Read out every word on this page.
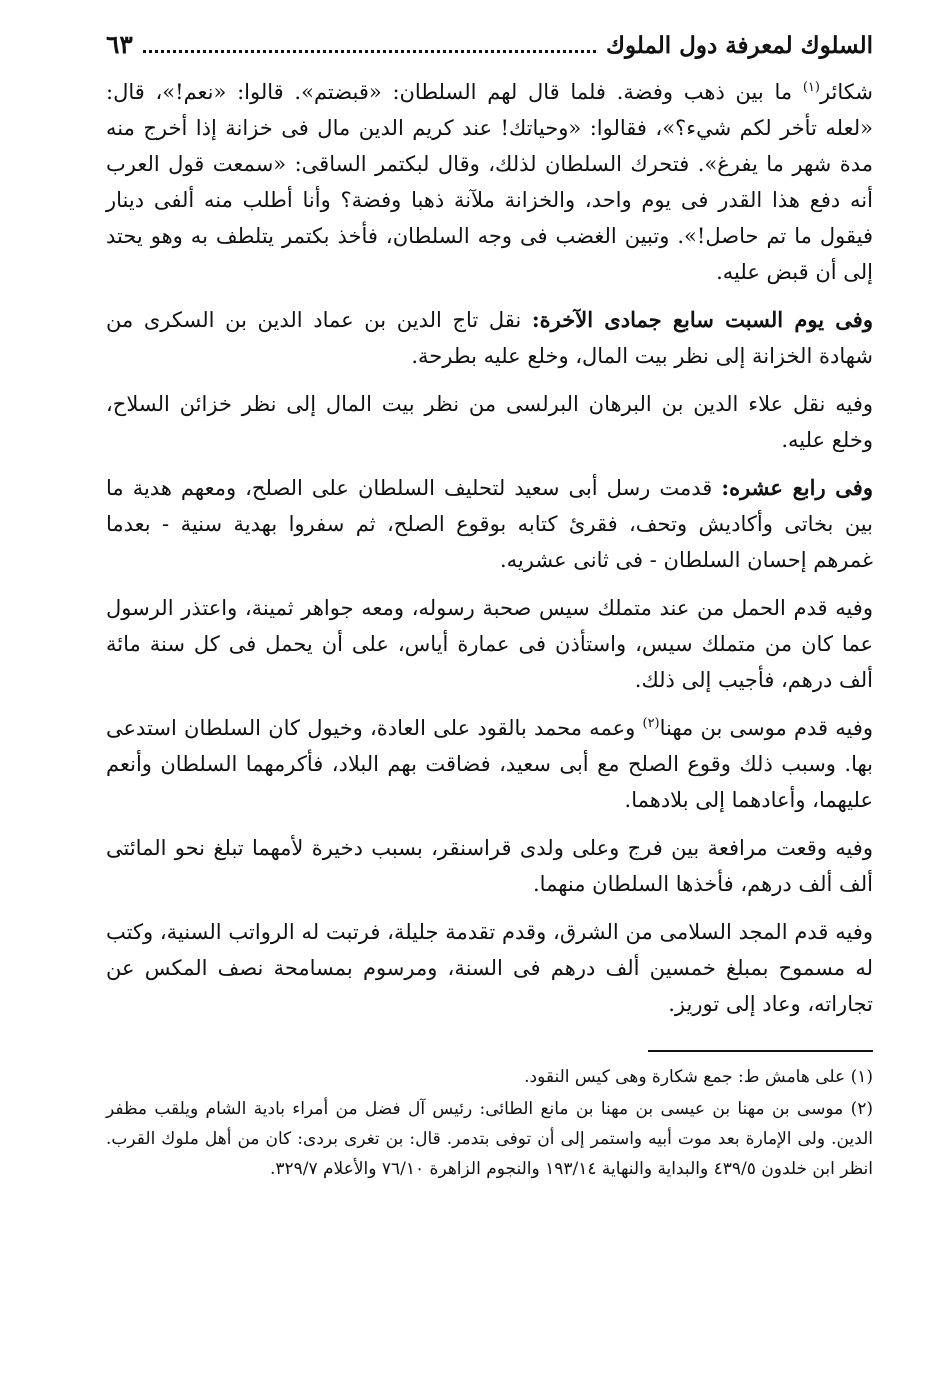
السلوك لمعرفة دول الملوك
٦٣

شكائر$^{(١)}$ ما بين ذهب وفضة. فلما قال لهم السلطان: «قبضتم». قالوا: «نعم!»، قال: «لعله تأخر لكم شيء؟»، فقالوا: «وحياتك! عند كريم الدين مال فى خزانة إذا أخرج منه مدة شهر ما يفرغ». فتحرك السلطان لذلك، وقال لبكتمر الساقى: «سمعت قول العرب أنه دفع هذا القدر فى يوم واحد، والخزانة ملآنة ذهبا وفضة؟ وأنا أطلب منه ألفى دينار فيقول ما تم حاصل!». وتبين الغضب فى وجه السلطان، فأخذ بكتمر يتلطف به وهو يحتد إلى أن قبض عليه.

وفى يوم السبت سابع جمادى الآخرة: نقل تاج الدين بن عماد الدين بن السكرى من شهادة الخزانة إلى نظر بيت المال، وخلع عليه بطرحة.

وفيه نقل علاء الدين بن البرهان البرلسى من نظر بيت المال إلى نظر خزائن السلاح، وخلع عليه.

وفى رابع عشره: قدمت رسل أبى سعيد لتحليف السلطان على الصلح، ومعهم هدية ما بين بخاتى وأكاديش وتحف، فقرئ كتابه بوقوع الصلح، ثم سفروا بهدية سنية - بعدما غمرهم إحسان السلطان - فى ثانى عشريه.

وفيه قدم الحمل من عند متملك سيس صحبة رسوله، ومعه جواهر ثمينة، واعتذر الرسول عما كان من متملك سيس، واستأذن فى عمارة أياس، على أن يحمل فى كل سنة مائة ألف درهم، فأجيب إلى ذلك.

وفيه قدم موسى بن مهنا$^{(٢)}$ وعمه محمد بالقود على العادة، وخيول كان السلطان استدعى بها. وسبب ذلك وقوع الصلح مع أبى سعيد، فضاقت بهم البلاد، فأكرمهما السلطان وأنعم عليهما، وأعادهما إلى بلادهما.

وفيه وقعت مرافعة بين فرج وعلى ولدى قراسنقر، بسبب دخيرة لأمهما تبلغ نحو المائتى ألف ألف درهم، فأخذها السلطان منهما.

وفيه قدم المجد السلامى من الشرق، وقدم تقدمة جليلة، فرتبت له الرواتب السنية، وكتب له مسموح بمبلغ خمسين ألف درهم فى السنة، ومرسوم بمسامحة نصف المكس عن تجاراته، وعاد إلى توريز.

(١) على هامش ط: جمع شكارة وهى كيس النقود.

(٢) موسى بن مهنا بن عيسى بن مهنا بن مانع الطائى: رئيس آل فضل من أمراء بادية الشام ويلقب مظفر الدين. ولى الإمارة بعد موت أبيه واستمر إلى أن توفى بتدمر. قال: بن تغرى بردى: كان من أهل ملوك القرب. انظر ابن خلدون ٤٣٩/٥ والبداية والنهاية ١٩٣/١٤ والنجوم الزاهرة ٧٦/١٠ والأعلام ٣٢٩/٧.
